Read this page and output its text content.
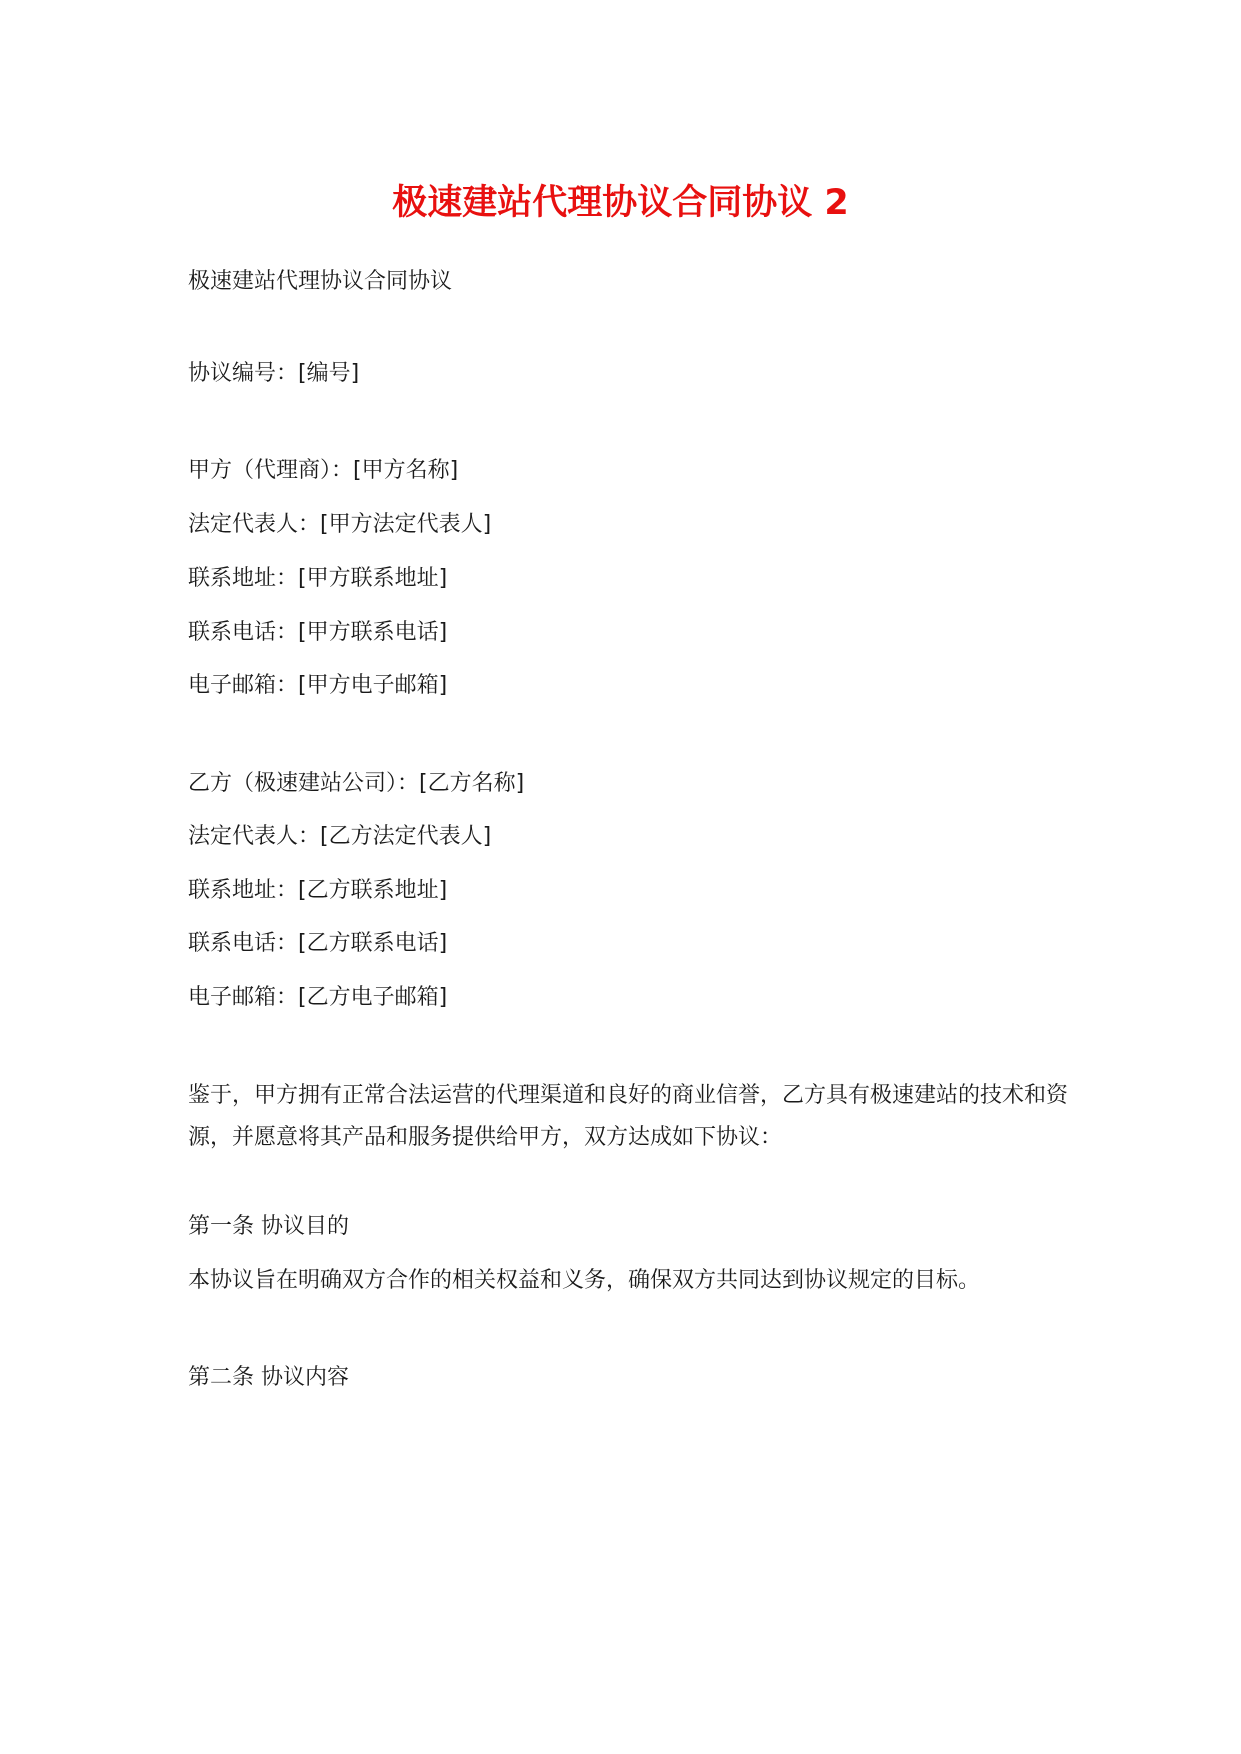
极速建站代理协议合同协议 2

极速建站代理协议合同协议

协议编号：[编号]

甲方（代理商）：[甲方名称]

法定代表人：[甲方法定代表人]

联系地址：[甲方联系地址]

联系电话：[甲方联系电话]

电子邮箱：[甲方电子邮箱]

乙方（极速建站公司）：[乙方名称]

法定代表人：[乙方法定代表人]

联系地址：[乙方联系地址]

联系电话：[乙方联系电话]

电子邮箱：[乙方电子邮箱]

鉴于，甲方拥有正常合法运营的代理渠道和良好的商业信誉，乙方具有极速建站的技术和资源，并愿意将其产品和服务提供给甲方，双方达成如下协议：

第一条 协议目的

本协议旨在明确双方合作的相关权益和义务，确保双方共同达到协议规定的目标。

第二条 协议内容
